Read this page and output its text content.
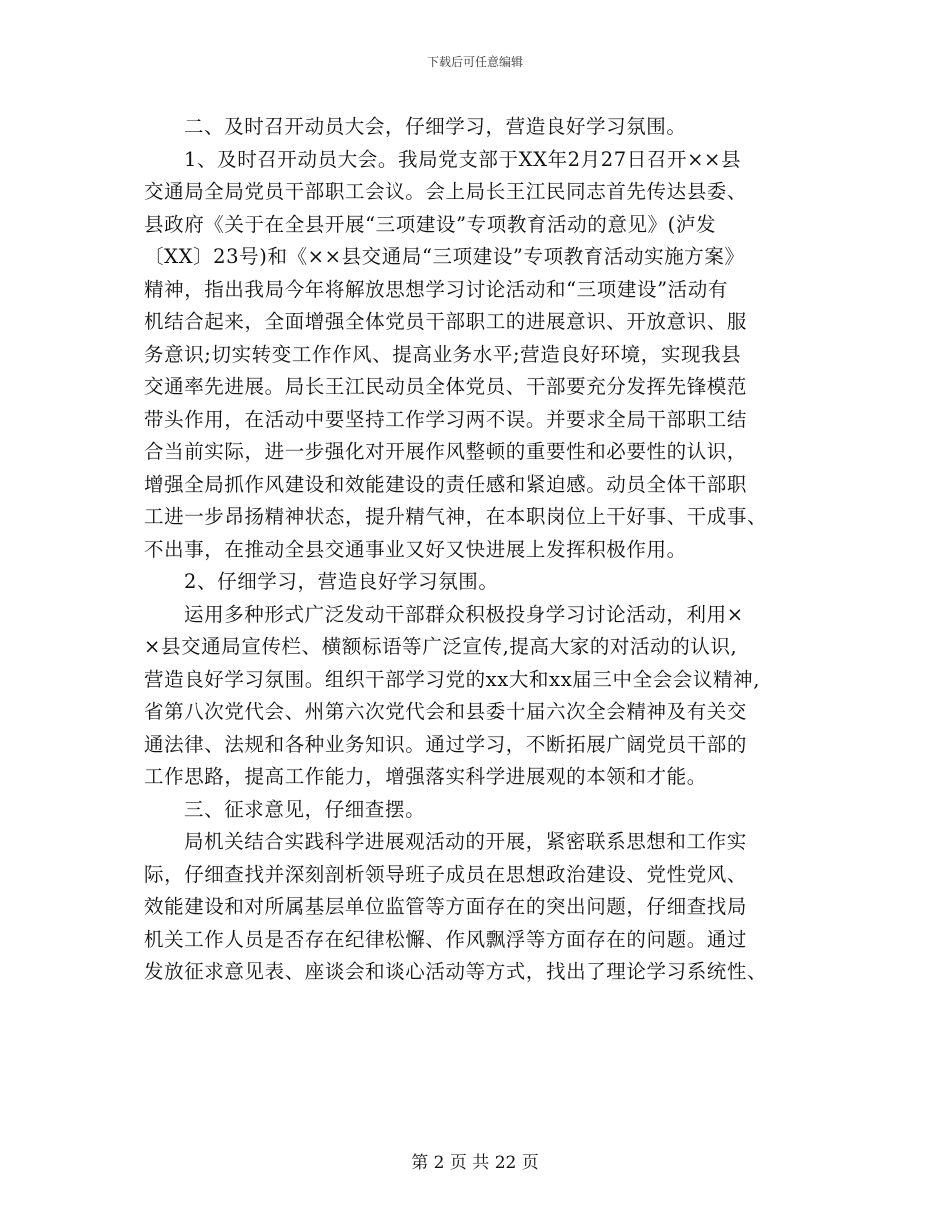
下载后可任意编辑
二、及时召开动员大会，仔细学习，营造良好学习氛围。
1、及时召开动员大会。我局党支部于XX年2月27日召开××县
交通局全局党员干部职工会议。会上局长王江民同志首先传达县委、
县政府《关于在全县开展“三项建设”专项教育活动的意见》(泸发
〔XX〕23号)和《××县交通局“三项建设”专项教育活动实施方案》
精神，指出我局今年将解放思想学习讨论活动和“三项建设”活动有
机结合起来，全面增强全体党员干部职工的进展意识、开放意识、服
务意识;切实转变工作作风、提高业务水平;营造良好环境，实现我县
交通率先进展。局长王江民动员全体党员、干部要充分发挥先锋模范
带头作用，在活动中要坚持工作学习两不误。并要求全局干部职工结
合当前实际，进一步强化对开展作风整顿的重要性和必要性的认识，
增强全局抓作风建设和效能建设的责任感和紧迫感。动员全体干部职
工进一步昂扬精神状态，提升精气神，在本职岗位上干好事、干成事、
不出事，在推动全县交通事业又好又快进展上发挥积极作用。
2、仔细学习，营造良好学习氛围。
运用多种形式广泛发动干部群众积极投身学习讨论活动，利用×
×县交通局宣传栏、横额标语等广泛宣传,提高大家的对活动的认识,
营造良好学习氛围。组织干部学习党的xx大和xx届三中全会会议精神,
省第八次党代会、州第六次党代会和县委十届六次全会精神及有关交
通法律、法规和各种业务知识。通过学习，不断拓展广阔党员干部的
工作思路，提高工作能力，增强落实科学进展观的本领和才能。
三、征求意见，仔细查摆。
局机关结合实践科学进展观活动的开展，紧密联系思想和工作实
际，仔细查找并深刻剖析领导班子成员在思想政治建设、党性党风、
效能建设和对所属基层单位监管等方面存在的突出问题，仔细查找局
机关工作人员是否存在纪律松懈、作风飘浮等方面存在的问题。通过
发放征求意见表、座谈会和谈心活动等方式，找出了理论学习系统性、
第 2 页 共 22 页
